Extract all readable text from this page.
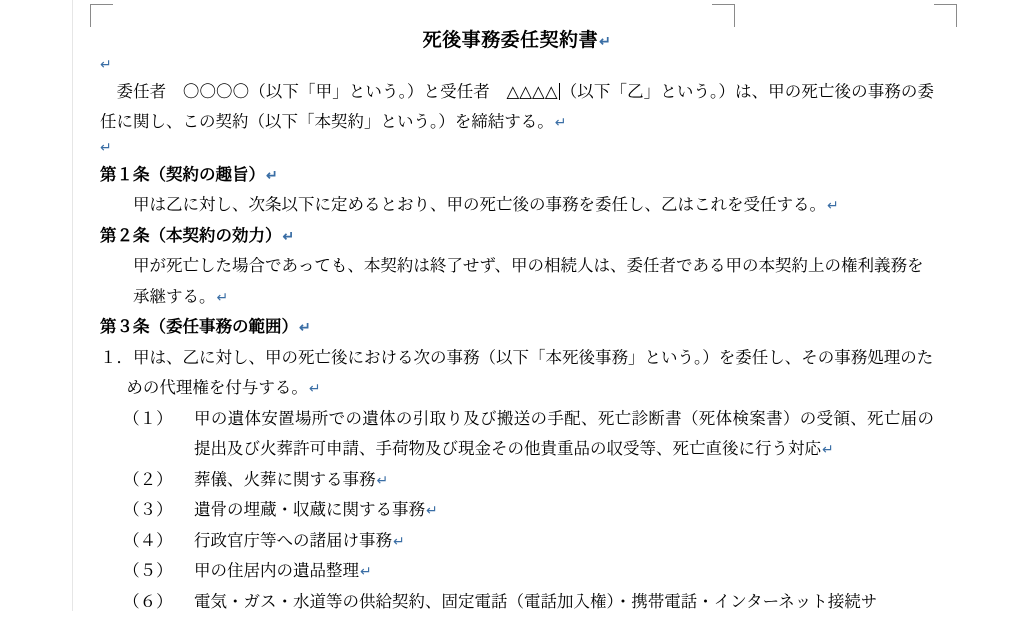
死後事務委任契約書↵
↵

委任者　〇〇〇〇（以下「甲」という。）と受任者　△△△△ （以下「乙」という。）は、甲の死亡後の事務の委任に関し、この契約（以下「本契約」という。）を締結する。↵

↵

第１条（契約の趣旨）↵

甲は乙に対し、次条以下に定めるとおり、甲の死亡後の事務を委任し、乙はこれを受任する。↵

第２条（本契約の効力）↵

甲が死亡した場合であっても、本契約は終了せず、甲の相続人は、委任者である甲の本契約上の権利義務を承継する。↵

第３条（委任事務の範囲）↵

１．甲は、乙に対し、甲の死亡後における次の事務（以下「本死後事務」という。）を委任し、その事務処理のための代理権を付与する。↵

（１）	甲の遺体安置場所での遺体の引取り及び搬送の手配、死亡診断書（死体検案書）の受領、死亡届の提出及び火葬許可申請、手荷物及び現金その他貴重品の収受等、死亡直後に行う対応↵
（２）	葬儀、火葬に関する事務↵
（３）	遺骨の埋蔵・収蔵に関する事務↵
（４）	行政官庁等への諸届け事務↵
（５）	甲の住居内の遺品整理↵
（６）	電気・ガス・水道等の供給契約、固定電話（電話加入権）・携帯電話・インターネット接続サ
